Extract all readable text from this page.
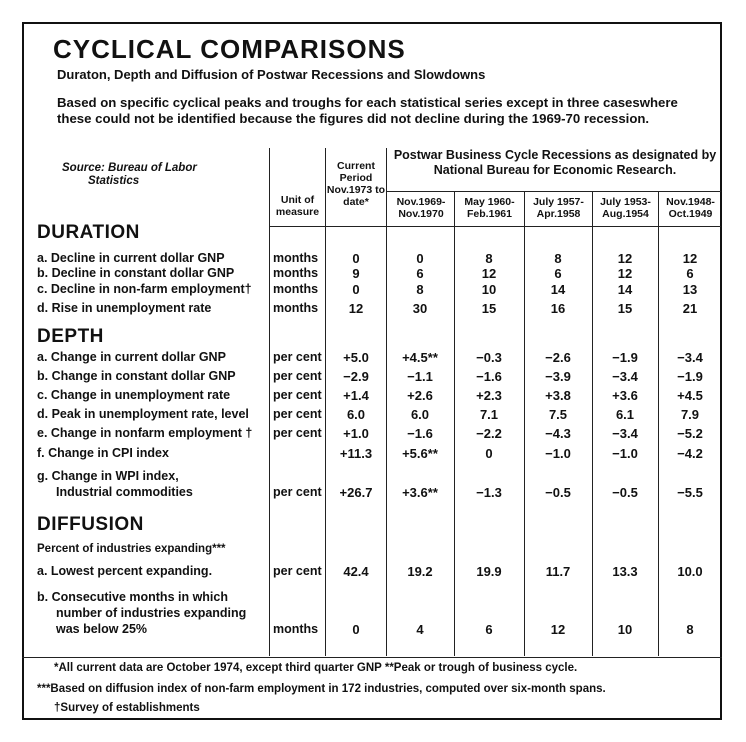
CYCLICAL COMPARISONS
Duraton, Depth and Diffusion of Postwar Recessions and Slowdowns
Based on specific cyclical peaks and troughs for each statistical series except in three caseswhere these could not be identified because the figures did not decline during the 1969-70 recession.
Source: Bureau of Labor
Statistics
Unit of measure
Current Period Nov.1973 to date*
Postwar Business Cycle Recessions as designated by National Bureau for Economic Research.
Nov.1969-Nov.1970
May 1960-Feb.1961
July 1957-Apr.1958
July 1953-Aug.1954
Nov.1948-Oct.1949
DURATION
DEPTH
DIFFUSION
Percent of industries expanding***
a. Decline in current dollar GNP	months	0	0	8	8	12	12
b. Decline in constant dollar GNP	months	9	6	12	6	12	6
c. Decline in non-farm employment† months	0	8	10	14	14	13
d. Rise in unemployment rate	months	12	30	15	16	15	21
a. Change in current dollar GNP	per cent	+5.0	+4.5**	−0.3	−2.6	−1.9	−3.4
b. Change in constant dollar GNP	per cent	−2.9	−1.1	−1.6	−3.9	−3.4	−1.9
c. Change in unemployment rate	per cent	+1.4	+2.6	+2.3	+3.8	+3.6	+4.5
d. Peak in unemployment rate, level per cent	6.0	6.0	7.1	7.5	6.1	7.9
e. Change in nonfarm employment † per cent	+1.0	−1.6	−2.2	−4.3	−3.4	−5.2
f. Change in CPI index	+11.3	+5.6**	0	−1.0	−1.0	−4.2
g. Change in WPI index,
Industrial commodities	per cent	+26.7	+3.6**	−1.3	−0.5	−0.5	−5.5
a. Lowest percent expanding.	per cent	42.4	19.2	19.9	11.7	13.3	10.0
b. Consecutive months in which
number of industries expanding
was below 25%	months	0	4	6	12	10	8
*All current data are October 1974, except third quarter GNP **Peak or trough of business cycle.
***Based on diffusion index of non-farm employment in 172 industries, computed over six-month spans.
†Survey of establishments
